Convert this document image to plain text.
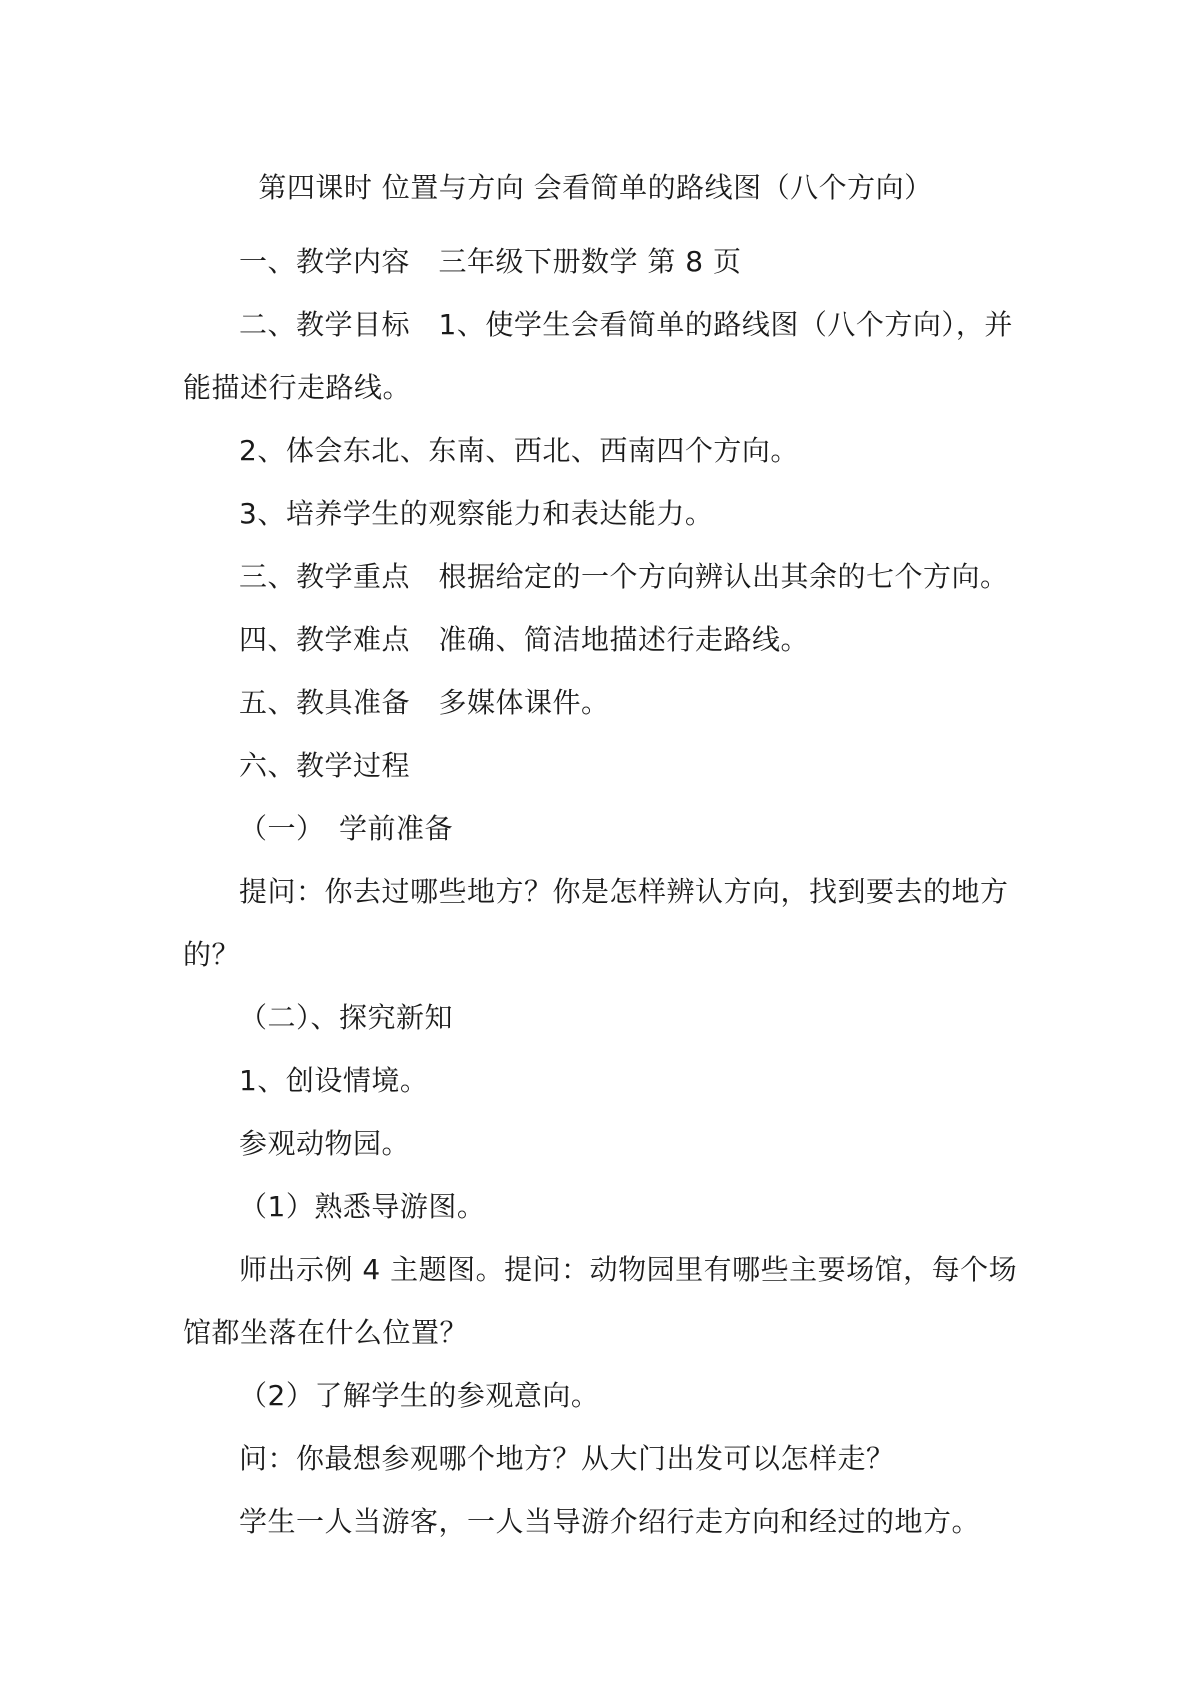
第四课时 位置与方向 会看简单的路线图（八个方向）

一、教学内容　三年级下册数学 第 8 页

二、教学目标　1、使学生会看简单的路线图（八个方向），并能描述行走路线。

2、体会东北、东南、西北、西南四个方向。

3、培养学生的观察能力和表达能力。

三、教学重点　根据给定的一个方向辨认出其余的七个方向。

四、教学难点　准确、简洁地描述行走路线。

五、教具准备　多媒体课件。

六、教学过程

（一）　学前准备

提问：你去过哪些地方？你是怎样辨认方向，找到要去的地方的？

（二）、探究新知

1、创设情境。

参观动物园。

（1）熟悉导游图。

师出示例 4 主题图。提问：动物园里有哪些主要场馆，每个场馆都坐落在什么位置？

（2）了解学生的参观意向。

问：你最想参观哪个地方？从大门出发可以怎样走？

学生一人当游客，一人当导游介绍行走方向和经过的地方。
